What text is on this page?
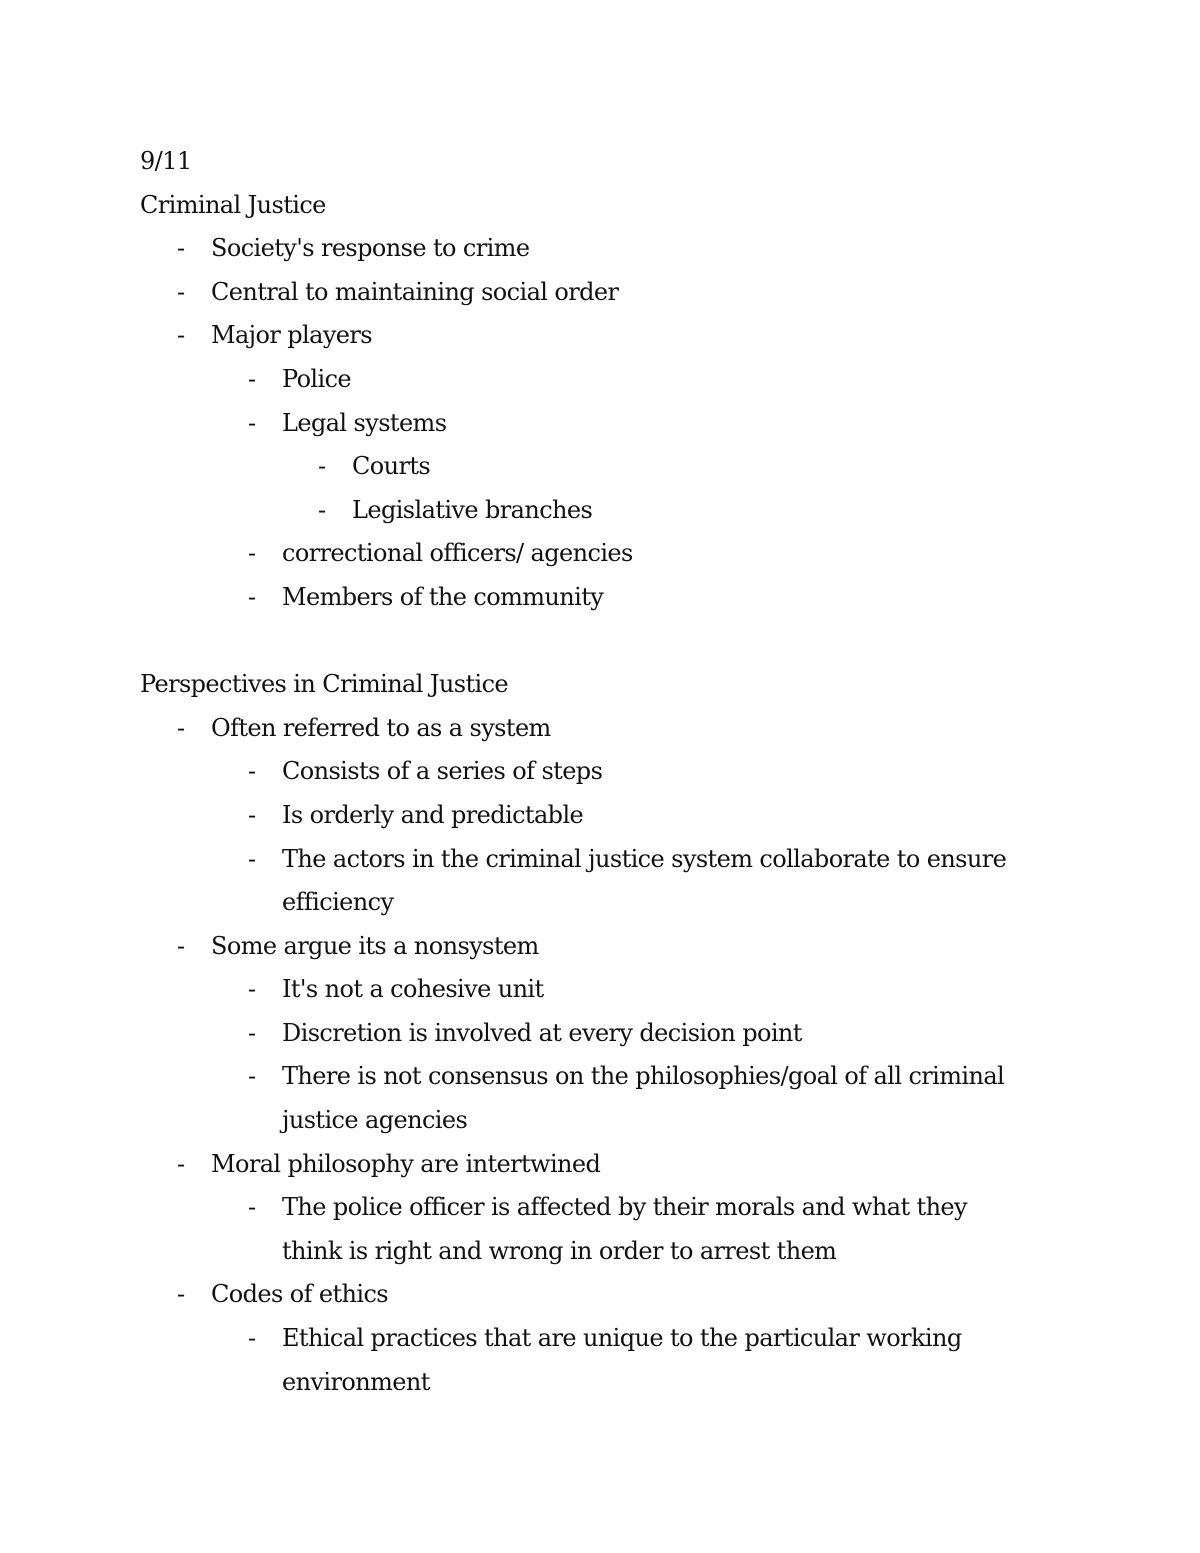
9/11

Criminal Justice

- Society's response to crime
- Central to maintaining social order
- Major players
- Police
- Legal systems
- Courts
- Legislative branches
- correctional officers/ agencies
- Members of the community

Perspectives in Criminal Justice

- Often referred to as a system
- Consists of a series of steps
- Is orderly and predictable
- The actors in the criminal justice system collaborate to ensure efficiency
- Some argue its a nonsystem
- It's not a cohesive unit
- Discretion is involved at every decision point
- There is not consensus on the philosophies/goal of all criminal justice agencies
- Moral philosophy are intertwined
- The police officer is affected by their morals and what they think is right and wrong in order to arrest them
- Codes of ethics
- Ethical practices that are unique to the particular working environment
